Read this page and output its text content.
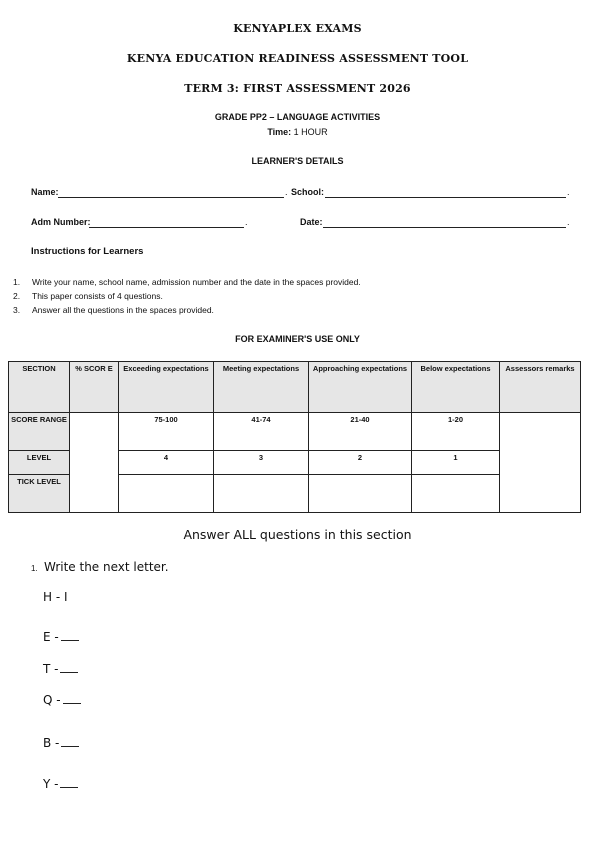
KENYAPLEX EXAMS
KENYA EDUCATION READINESS ASSESSMENT TOOL
TERM 3: FIRST ASSESSMENT 2026
GRADE PP2 – LANGUAGE ACTIVITIES
Time: 1 HOUR
LEARNER'S DETAILS
Name:	. School:	.
Adm Number:	.	Date:	.
Instructions for Learners
1. Write your name, school name, admission number and the date in the spaces provided.
2. This paper consists of 4 questions.
3. Answer all the questions in the spaces provided.
FOR EXAMINER'S USE ONLY
SECTION	% SCOR E	Exceeding expectations	Meeting expectations	Approaching expectations	Below expectations	Assessors remarks
SCORE RANGE		75-100	41-74	21-40	1-20	
LEVEL		4	3	2	1	
TICK LEVEL						
Answer ALL questions in this section
1. Write the next letter.
H - I
E -
T -
Q -
B -
Y -
